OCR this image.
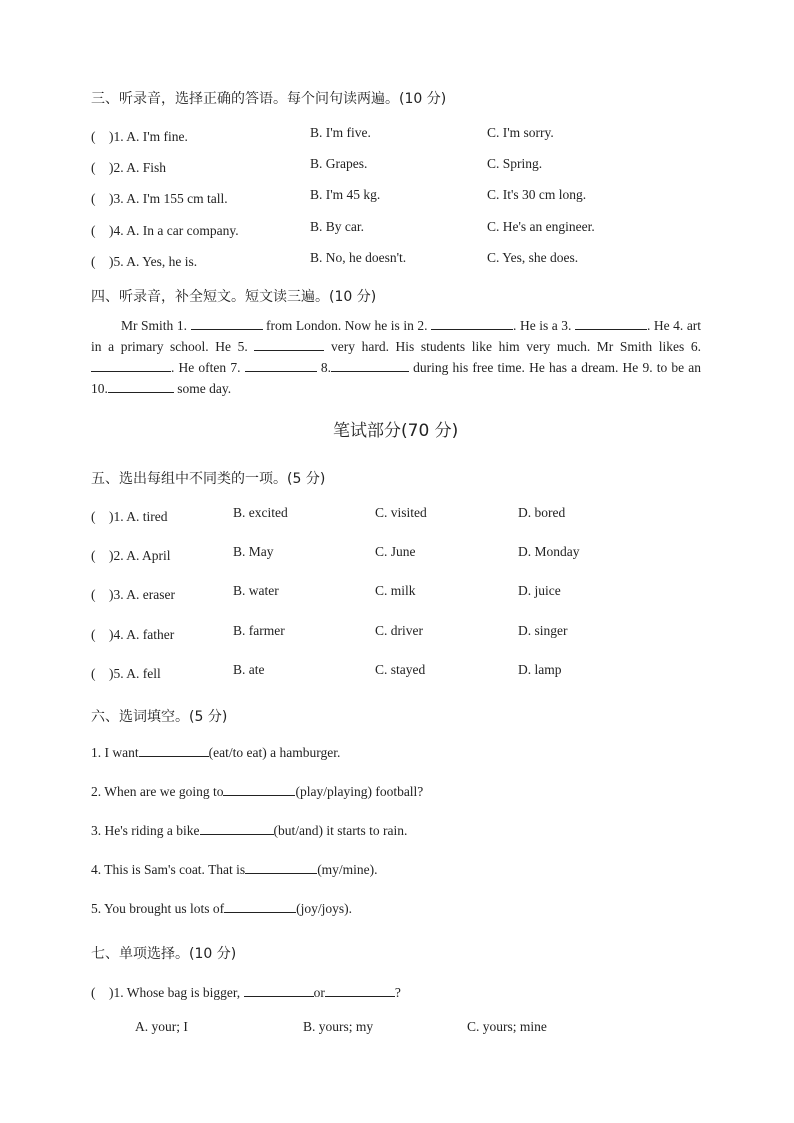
三、听录音，选择正确的答语。每个问句读两遍。(10 分)
(　)1. A. I'm fine.	B. I'm five.	C. I'm sorry.
(　)2. A. Fish	B. Grapes.	C. Spring.
(　)3. A. I'm 155 cm tall.	B. I'm 45 kg.	C. It's 30 cm long.
(　)4. A. In a car company.	B. By car.	C. He's an engineer.
(　)5. A. Yes, he is.	B. No, he doesn't.	C. Yes, she does.
四、听录音，补全短文。短文读三遍。(10 分)
Mr Smith 1.	from London. Now he is in 2.	. He is a 3.	. He 4. art in a primary school. He 5.	very hard. His students like him very much. Mr Smith likes 6.. He often 7.	8.	during his free time. He has a dream. He 9. to be an 10.	some day.
笔试部分(70 分)
五、选出每组中不同类的一项。(5 分)
(　)1. A. tired	B. excited	C. visited	D. bored
(　)2. A. April	B. May	C. June	D. Monday
(　)3. A. eraser	B. water	C. milk	D. juice
(　)4. A. father	B. farmer	C. driver	D. singer
(　)5. A. fell	B. ate	C. stayed	D. lamp
六、选词填空。(5 分)
1. I want	(eat/to eat) a hamburger.
2. When are we going to	(play/playing) football?
3. He's riding a bike	(but/and) it starts to rain.
4. This is Sam's coat. That is	(my/mine).
5. You brought us lots of	(joy/joys).
七、单项选择。(10 分)
(　)1. Whose bag is bigger,	or	?
A. your; I	B. yours; my	C. yours; mine
